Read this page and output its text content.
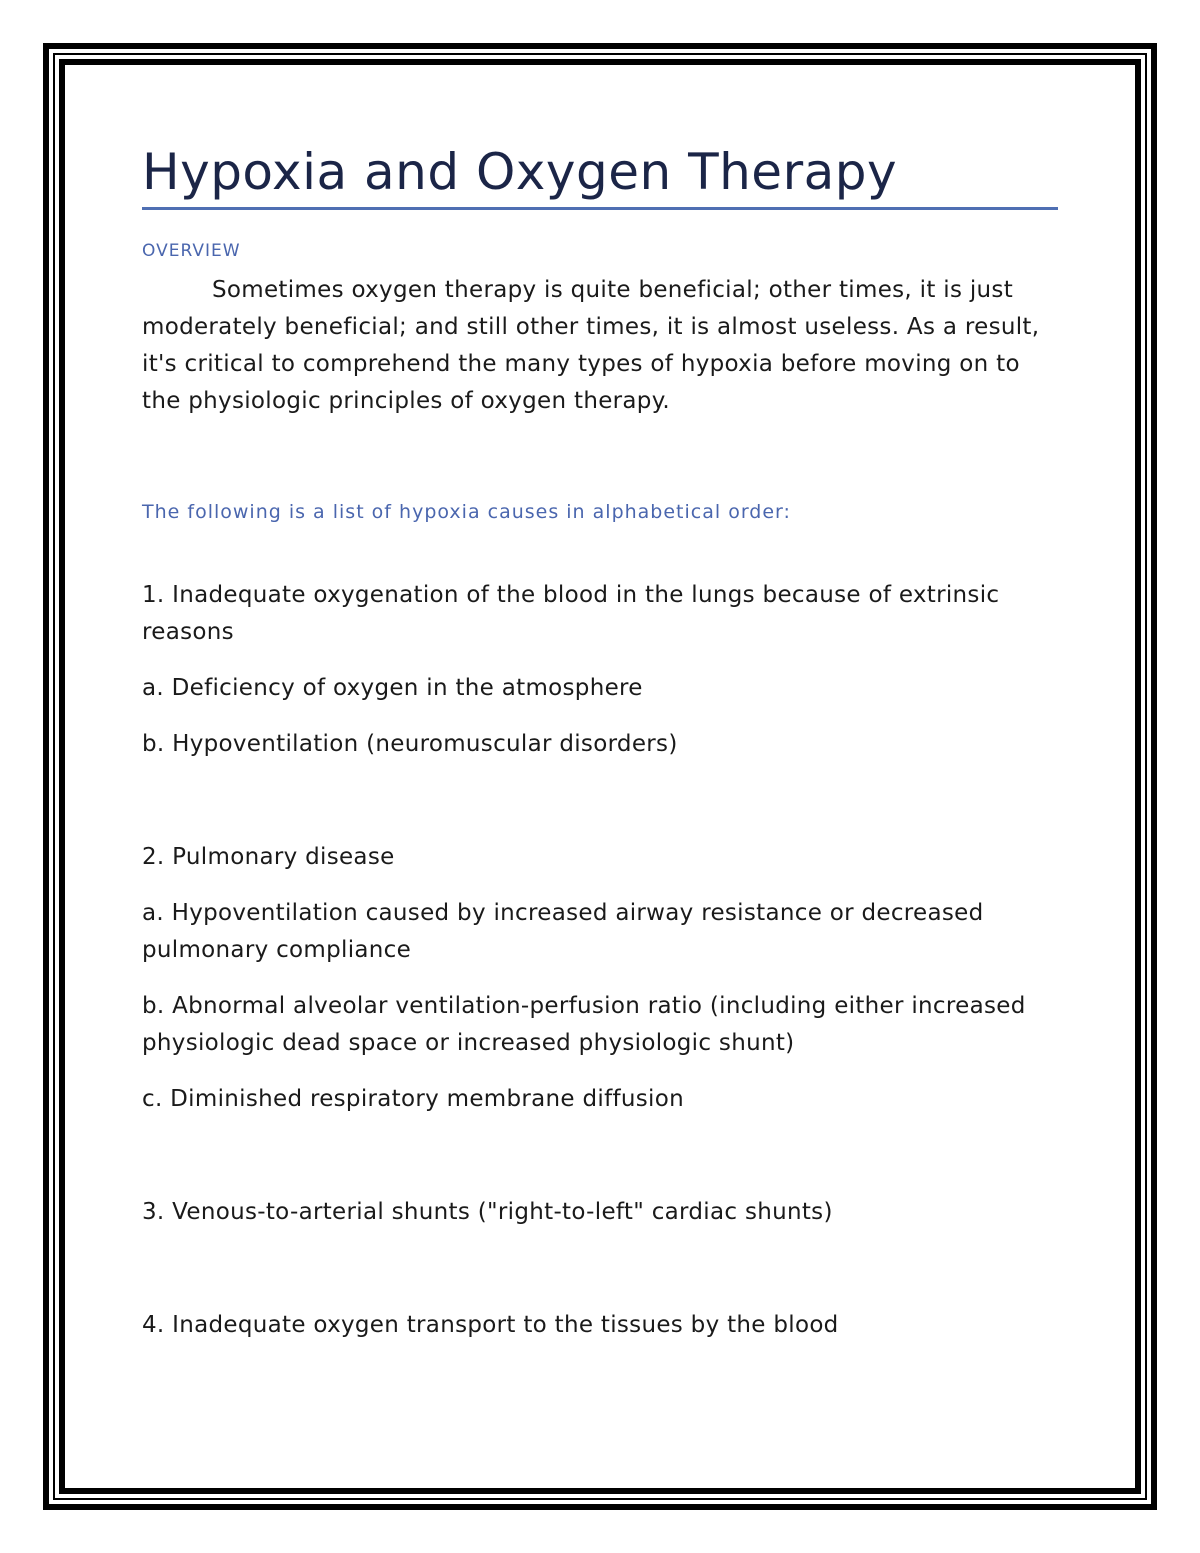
Hypoxia and Oxygen Therapy
OVERVIEW
Sometimes oxygen therapy is quite beneficial; other times, it is just moderately beneficial; and still other times, it is almost useless. As a result, it's critical to comprehend the many types of hypoxia before moving on to the physiologic principles of oxygen therapy.
The following is a list of hypoxia causes in alphabetical order:
1. Inadequate oxygenation of the blood in the lungs because of extrinsic reasons
a. Deficiency of oxygen in the atmosphere
b. Hypoventilation (neuromuscular disorders)
2. Pulmonary disease
a. Hypoventilation caused by increased airway resistance or decreased pulmonary compliance
b. Abnormal alveolar ventilation-perfusion ratio (including either increased physiologic dead space or increased physiologic shunt)
c. Diminished respiratory membrane diffusion
3. Venous-to-arterial shunts ("right-to-left" cardiac shunts)
4. Inadequate oxygen transport to the tissues by the blood
